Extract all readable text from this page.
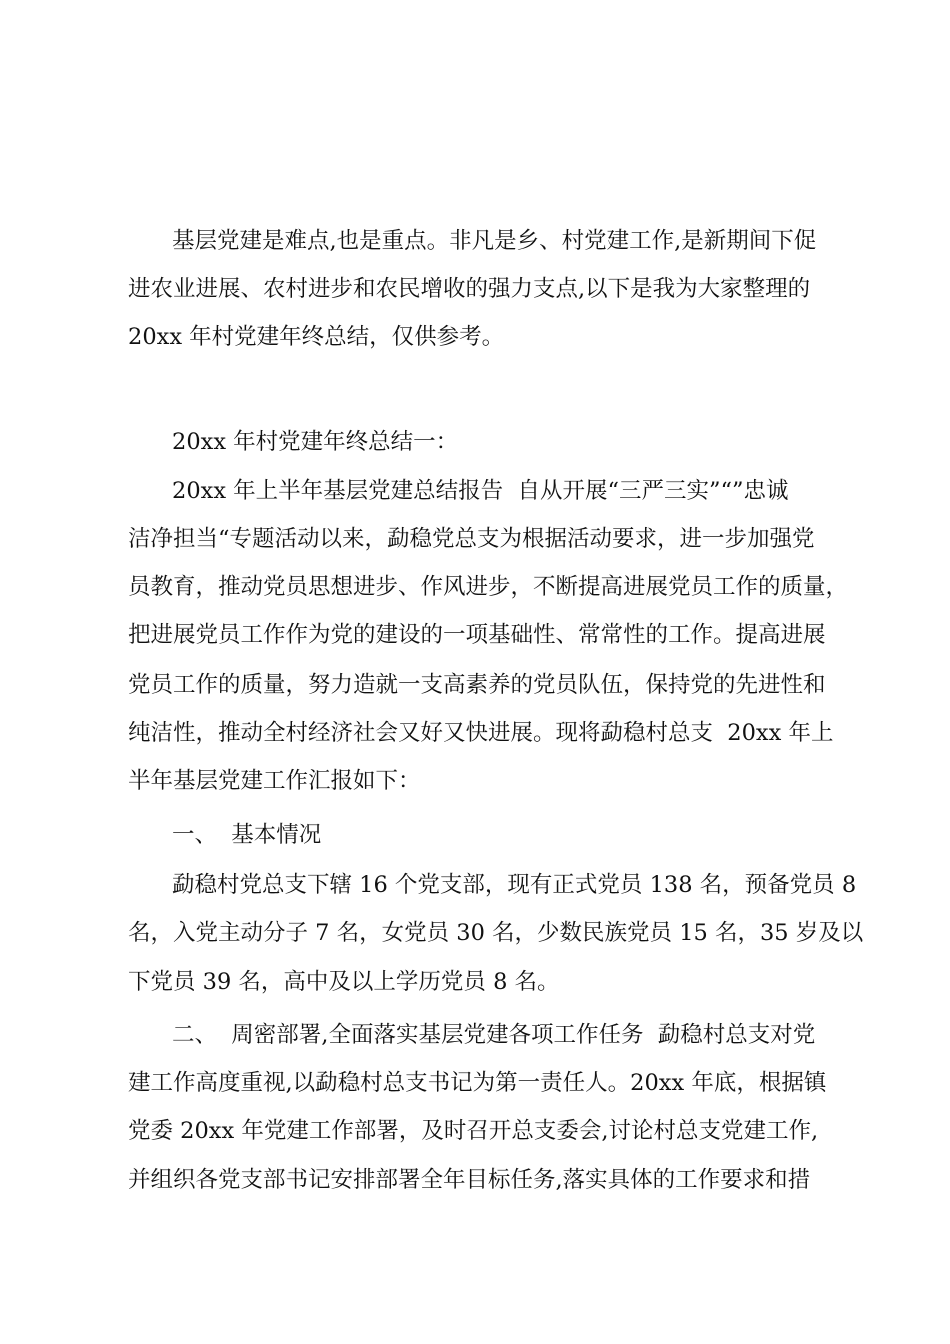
基层党建是难点,也是重点。非凡是乡、村党建工作,是新期间下促
进农业进展、农村进步和农民增收的强力支点,以下是我为大家整理的
20xx 年村党建年终总结，仅供参考。
20xx 年村党建年终总结一：
20xx 年上半年基层党建总结报告  自从开展“三严三实”“”忠诚
洁净担当“专题活动以来，勐稳党总支为根据活动要求，进一步加强党
员教育，推动党员思想进步、作风进步，不断提高进展党员工作的质量，
把进展党员工作作为党的建设的一项基础性、常常性的工作。提高进展
党员工作的质量，努力造就一支高素养的党员队伍，保持党的先进性和
纯洁性，推动全村经济社会又好又快进展。现将勐稳村总支  20xx 年上
半年基层党建工作汇报如下：
一、  基本情况
勐稳村党总支下辖 16 个党支部，现有正式党员 138 名，预备党员 8
名，入党主动分子 7 名，女党员 30 名，少数民族党员 15 名，35 岁及以
下党员 39 名，高中及以上学历党员 8 名。
二、  周密部署,全面落实基层党建各项工作任务  勐稳村总支对党
建工作高度重视,以勐稳村总支书记为第一责任人。20xx 年底，根据镇
党委 20xx 年党建工作部署，及时召开总支委会,讨论村总支党建工作,
并组织各党支部书记安排部署全年目标任务,落实具体的工作要求和措
